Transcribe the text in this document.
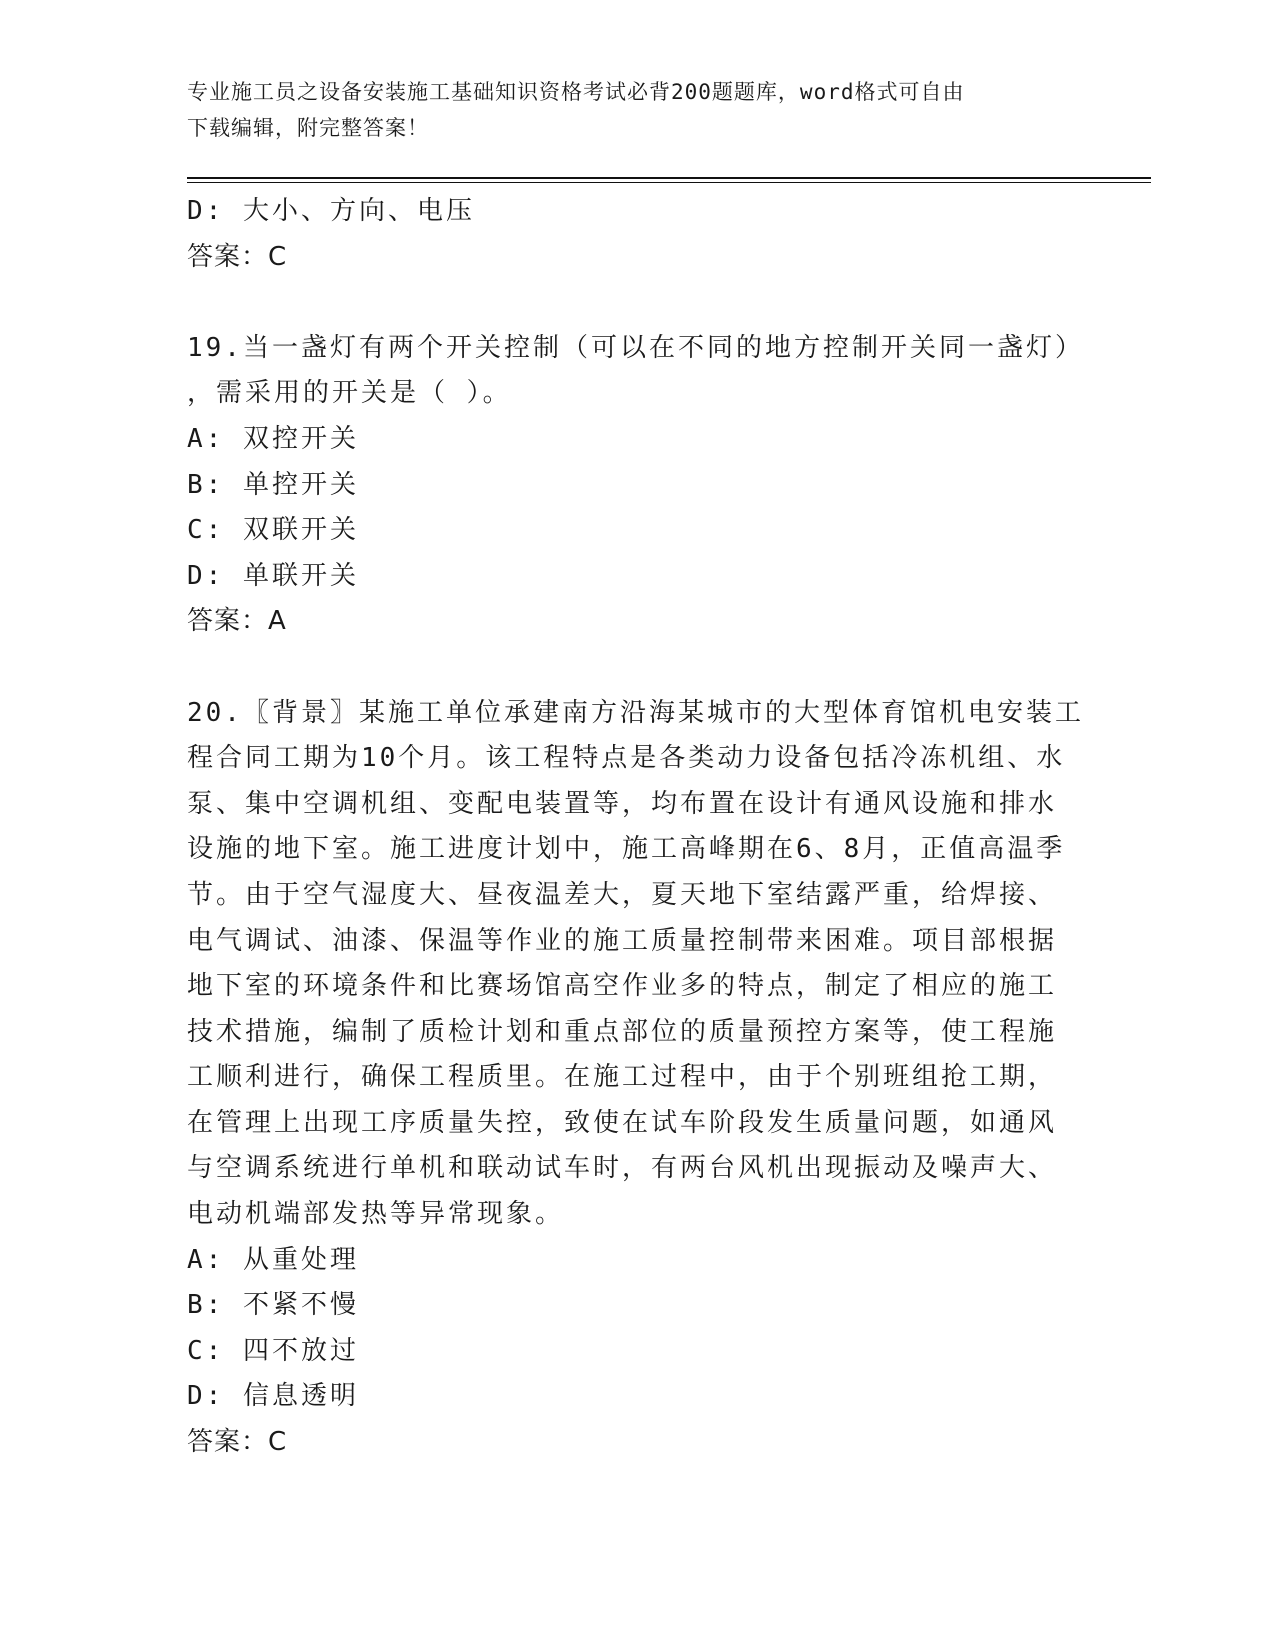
专业施工员之设备安装施工基础知识资格考试必背200题题库，word格式可自由
下载编辑，附完整答案！
D: 大小、方向、电压
答案：C
19.当一盏灯有两个开关控制（可以在不同的地方控制开关同一盏灯）
，需采用的开关是（ ）。
A: 双控开关
B: 单控开关
C: 双联开关
D: 单联开关
答案：A
20.〖背景〗某施工单位承建南方沿海某城市的大型体育馆机电安装工
程合同工期为10个月。该工程特点是各类动力设备包括冷冻机组、水
泵、集中空调机组、变配电装置等，均布置在设计有通风设施和排水
设施的地下室。施工进度计划中，施工高峰期在6、8月，正值高温季
节。由于空气湿度大、昼夜温差大，夏天地下室结露严重，给焊接、
电气调试、油漆、保温等作业的施工质量控制带来困难。项目部根据
地下室的环境条件和比赛场馆高空作业多的特点，制定了相应的施工
技术措施，编制了质检计划和重点部位的质量预控方案等，使工程施
工顺利进行，确保工程质里。在施工过程中，由于个别班组抢工期，
在管理上出现工序质量失控，致使在试车阶段发生质量问题，如通风
与空调系统进行单机和联动试车时，有两台风机出现振动及噪声大、
电动机端部发热等异常现象。
A: 从重处理
B: 不紧不慢
C: 四不放过
D: 信息透明
答案：C
